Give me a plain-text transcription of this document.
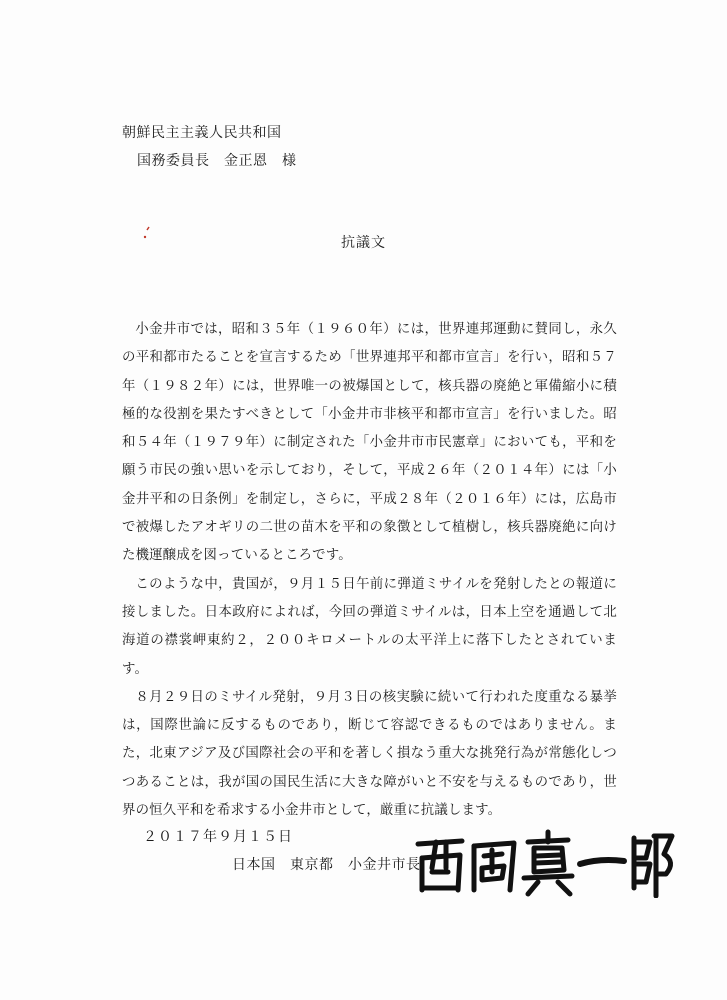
朝鮮民主主義人民共和国
国務委員長　金正恩　様
抗議文

小金井市では，昭和３５年（１９６０年）には，世界連邦運動に賛同し，永久の平和都市たることを宣言するため「世界連邦平和都市宣言」を行い，昭和５７年（１９８２年）には，世界唯一の被爆国として，核兵器の廃絶と軍備縮小に積極的な役割を果たすべきとして「小金井市非核平和都市宣言」を行いました。昭和５４年（１９７９年）に制定された「小金井市市民憲章」においても，平和を願う市民の強い思いを示しており，そして，平成２６年（２０１４年）には「小金井平和の日条例」を制定し，さらに，平成２８年（２０１６年）には，広島市で被爆したアオギリの二世の苗木を平和の象徴として植樹し，核兵器廃絶に向けた機運醸成を図っているところです。

このような中，貴国が，９月１５日午前に弾道ミサイルを発射したとの報道に接しました。日本政府によれば，今回の弾道ミサイルは，日本上空を通過して北海道の襟裳岬東約２，２００キロメートルの太平洋上に落下したとされています。

８月２９日のミサイル発射，９月３日の核実験に続いて行われた度重なる暴挙は，国際世論に反するものであり，断じて容認できるものではありません。また，北東アジア及び国際社会の平和を著しく損なう重大な挑発行為が常態化しつつあることは，我が国の国民生活に大きな障がいと不安を与えるものであり，世界の恒久平和を希求する小金井市として，厳重に抗議します。

２０１７年９月１５日
日本国　東京都　小金井市長
